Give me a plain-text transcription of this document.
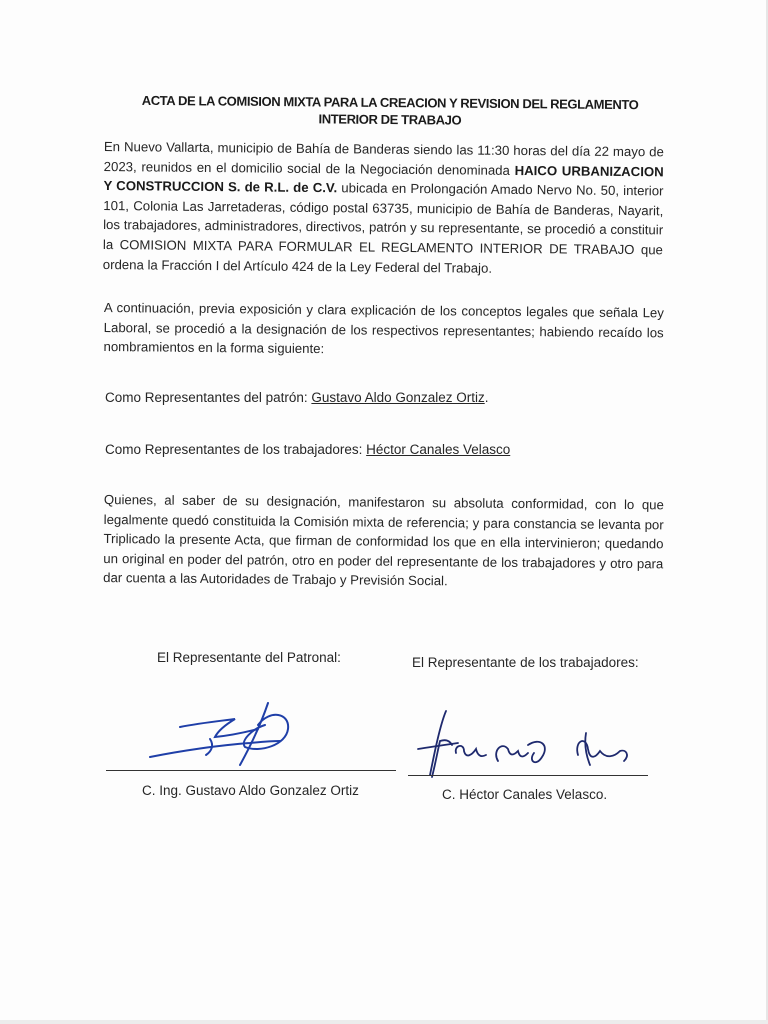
ACTA DE LA COMISION MIXTA PARA LA CREACION Y REVISION DEL REGLAMENTO
INTERIOR DE TRABAJO
En Nuevo Vallarta, municipio de Bahía de Banderas siendo las 11:30 horas del día 22 mayo de 2023, reunidos en el domicilio social de la Negociación denominada HAICO URBANIZACION Y CONSTRUCCION S. de R.L. de C.V. ubicada en Prolongación Amado Nervo No. 50, interior 101, Colonia Las Jarretaderas, código postal 63735, municipio de Bahía de Banderas, Nayarit, los trabajadores, administradores, directivos, patrón y su representante, se procedió a constituir la COMISION MIXTA PARA FORMULAR EL REGLAMENTO INTERIOR DE TRABAJO que ordena la Fracción I del Artículo 424 de la Ley Federal del Trabajo.
A continuación, previa exposición y clara explicación de los conceptos legales que señala Ley Laboral, se procedió a la designación de los respectivos representantes; habiendo recaído los nombramientos en la forma siguiente:
Como Representantes del patrón: Gustavo Aldo Gonzalez Ortiz.
Como Representantes de los trabajadores: Héctor Canales Velasco
Quienes, al saber de su designación, manifestaron su absoluta conformidad, con lo que legalmente quedó constituida la Comisión mixta de referencia; y para constancia se levanta por Triplicado la presente Acta, que firman de conformidad los que en ella intervinieron; quedando un original en poder del patrón, otro en poder del representante de los trabajadores y otro para dar cuenta a las Autoridades de Trabajo y Previsión Social.
El Representante del Patronal:	El Representante de los trabajadores:
C. Ing. Gustavo Aldo Gonzalez Ortiz	C. Héctor Canales Velasco.
